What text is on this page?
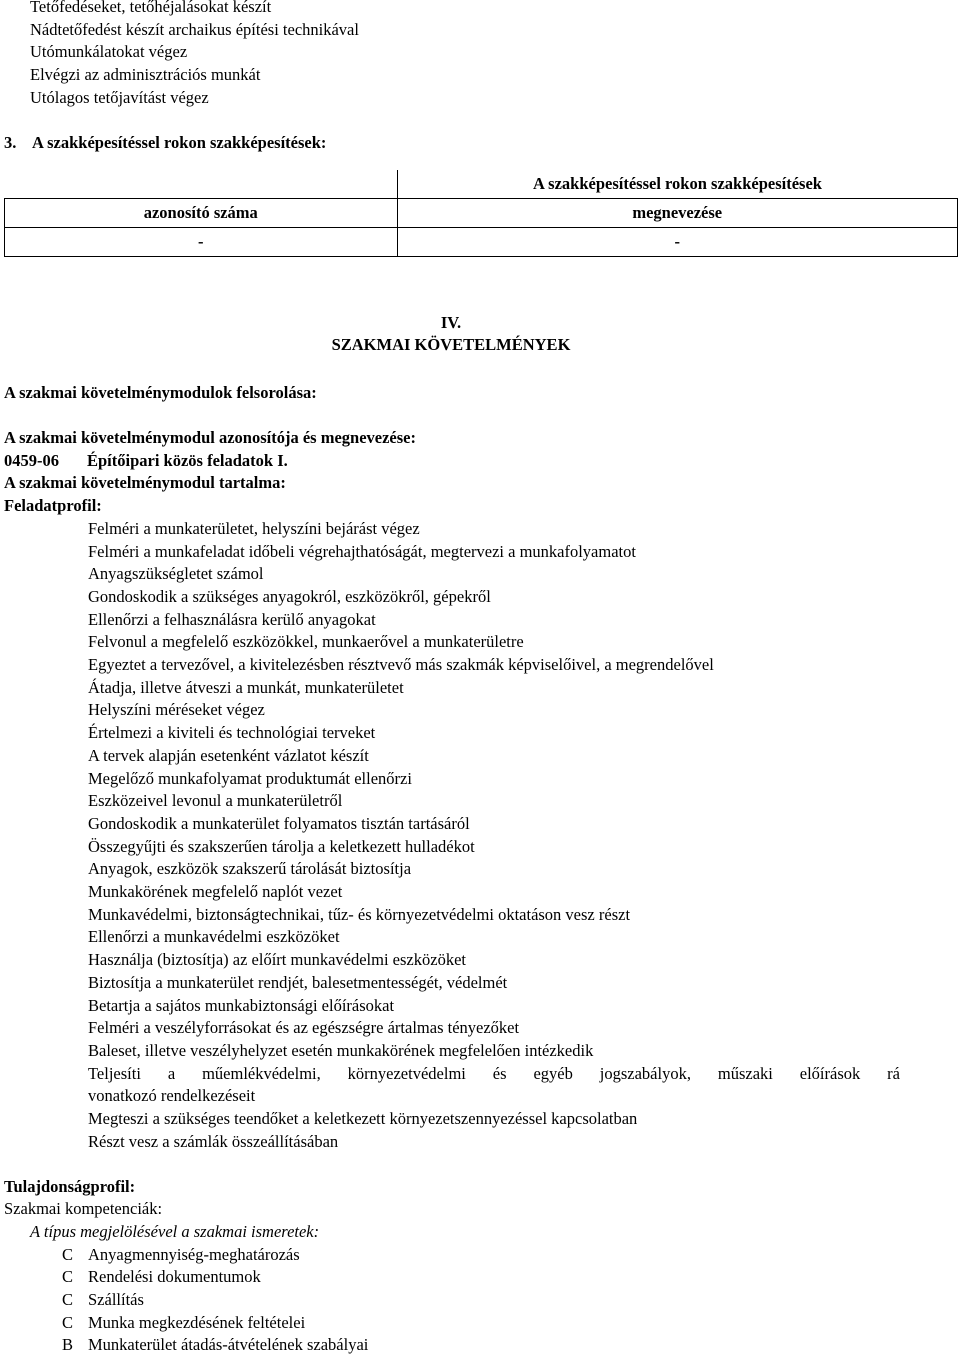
Tetőfedéseket, tetőhéjalásokat készít
Nádtetőfedést készít archaikus építési technikával
Utómunkálatokat végez
Elvégzi az adminisztrációs munkát
Utólagos tetőjavítást végez
3. A szakképesítéssel rokon szakképesítések:
	A szakképesítéssel rokon szakképesítések
azonosító száma	megnevezése
-	-
IV.
SZAKMAI KÖVETELMÉNYEK
A szakmai követelménymodulok felsorolása:
A szakmai követelménymodul azonosítója és megnevezése:
0459-06 Építőipari közös feladatok I.
A szakmai követelménymodul tartalma:
Feladatprofil:
Felméri a munkaterületet, helyszíni bejárást végez
Felméri a munkafeladat időbeli végrehajthatóságát, megtervezi a munkafolyamatot
Anyagszükségletet számol
Gondoskodik a szükséges anyagokról, eszközökről, gépekről
Ellenőrzi a felhasználásra kerülő anyagokat
Felvonul a megfelelő eszközökkel, munkaerővel a munkaterületre
Egyeztet a tervezővel, a kivitelezésben résztvevő más szakmák képviselőivel, a megrendelővel
Átadja, illetve átveszi a munkát, munkaterületet
Helyszíni méréseket végez
Értelmezi a kiviteli és technológiai terveket
A tervek alapján esetenként vázlatot készít
Megelőző munkafolyamat produktumát ellenőrzi
Eszközeivel levonul a munkaterületről
Gondoskodik a munkaterület folyamatos tisztán tartásáról
Összegyűjti és szakszerűen tárolja a keletkezett hulladékot
Anyagok, eszközök szakszerű tárolását biztosítja
Munkakörének megfelelő naplót vezet
Munkavédelmi, biztonságtechnikai, tűz- és környezetvédelmi oktatáson vesz részt
Ellenőrzi a munkavédelmi eszközöket
Használja (biztosítja) az előírt munkavédelmi eszközöket
Biztosítja a munkaterület rendjét, balesetmentességét, védelmét
Betartja a sajátos munkabiztonsági előírásokat
Felméri a veszélyforrásokat és az egészségre ártalmas tényezőket
Baleset, illetve veszélyhelyzet esetén munkakörének megfelelően intézkedik
Teljesíti a műemlékvédelmi, környezetvédelmi és egyéb jogszabályok, műszaki előírások rá
vonatkozó rendelkezéseit
Megteszi a szükséges teendőket a keletkezett környezetszennyezéssel kapcsolatban
Részt vesz a számlák összeállításában
Tulajdonságprofil:
Szakmai kompetenciák:
A típus megjelölésével a szakmai ismeretek:
C Anyagmennyiség-meghatározás
C Rendelési dokumentumok
C Szállítás
C Munka megkezdésének feltételei
B Munkaterület átadás-átvételének szabályai
